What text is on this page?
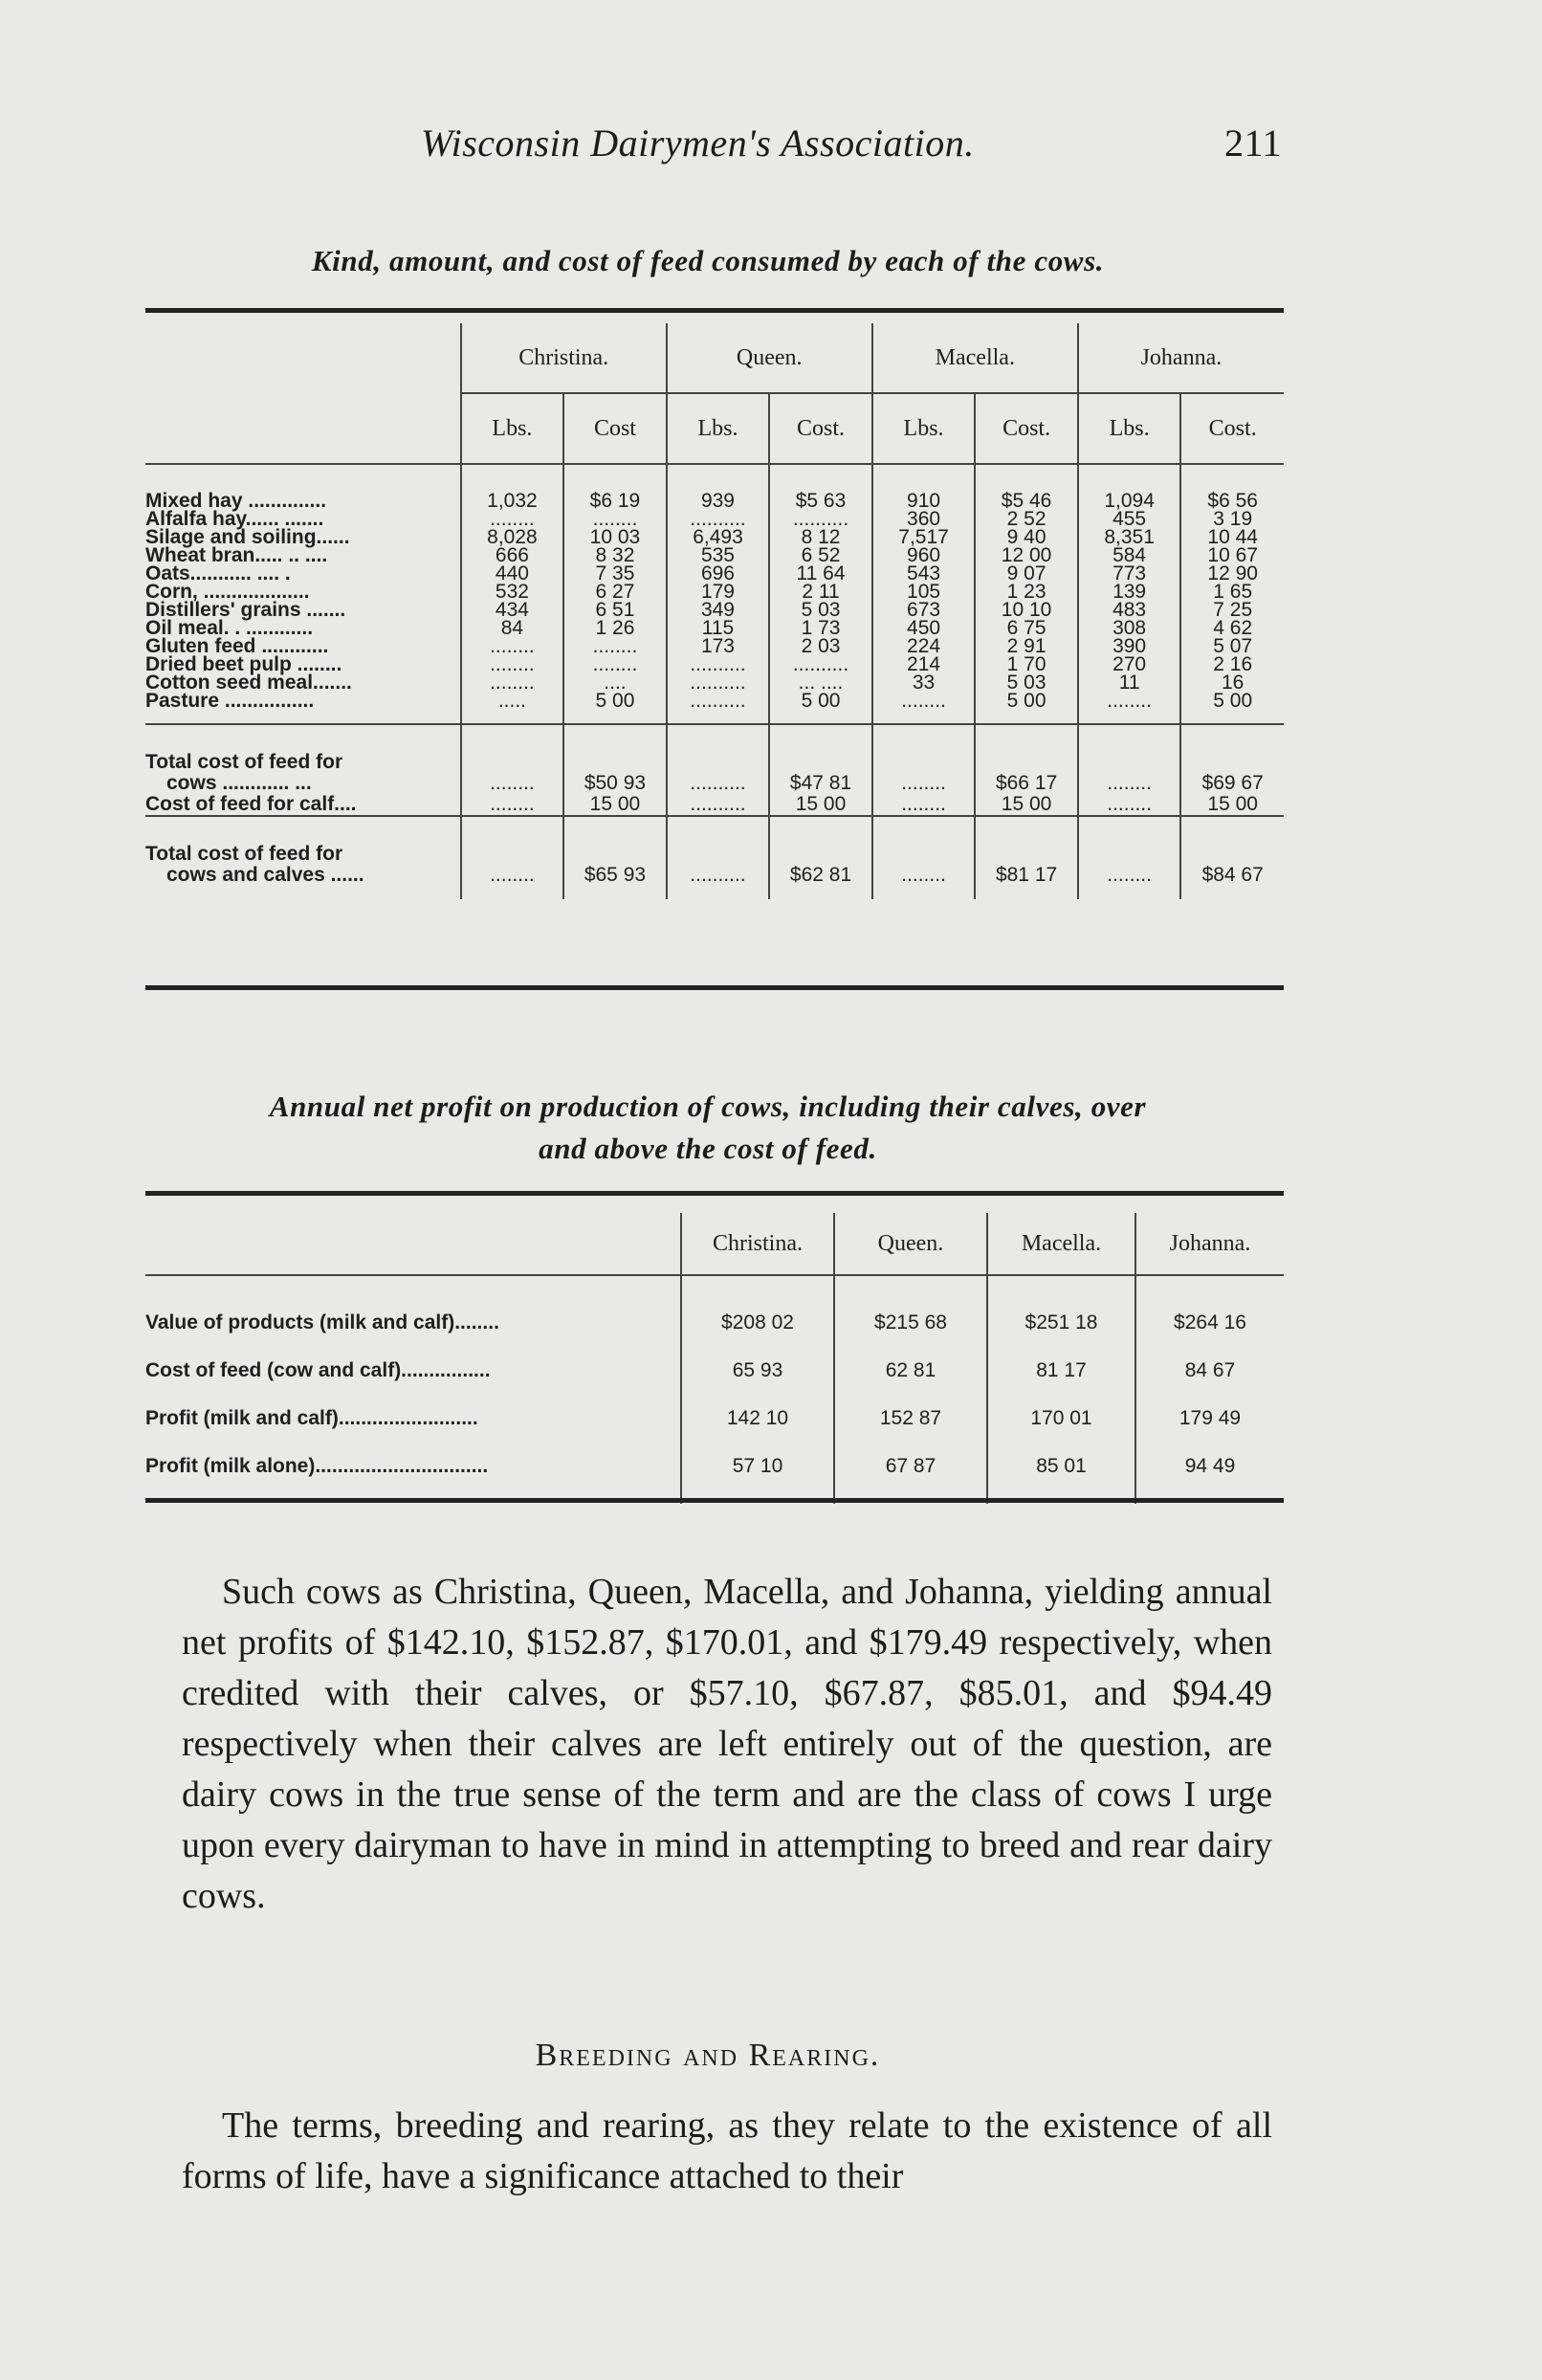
Wisconsin Dairymen's Association.	211
Kind, amount, and cost of feed consumed by each of the cows.
	Christina.		Queen.		Macella.		Johanna.	
	Lbs.	Cost	Lbs.	Cost.	Lbs.	Cost.	Lbs.	Cost.
Mixed hay ..............	1,032	$6 19	939	$5 63	910	$5 46	1,094	$6 56
Alfalfa hay...... .......	........	........	..........	..........	360	2 52	455	3 19
Silage and soiling......	8,028	10 03	6,493	8 12	7,517	9 40	8,351	10 44
Wheat bran..... .. ....	666	8 32	535	6 52	960	12 00	584	10 67
Oats........... .... .	440	7 35	696	11 64	543	9 07	773	12 90
Corn, ...................	532	6 27	179	2 11	105	1 23	139	1 65
Distillers' grains .......	434	6 51	349	5 03	673	10 10	483	7 25
Oil meal. . ............	84	1 26	115	1 73	450	6 75	308	4 62
Gluten feed ............	........	........	173	2 03	224	2 91	390	5 07
Dried beet pulp ........	........	........	..........	..........	214	1 70	270	2 16
Cotton seed meal.......	........	....	..........	... ....	33	5 03	11	16
Pasture ................	.....	5 00	..........	5 00	........	5 00	........	5 00

Total cost of feed for
cows ............ ...	........	$50 93	..........	$47 81	........	$66 17	........	$69 67

Cost of feed for calf....	........	15 00	..........	15 00	........	15 00	........	15 00

Total cost of feed for
cows and calves ......	........	$65 93	..........	$62 81	........	$81 17	........	$84 67
Annual net profit on production of cows, including their calves, over
and above the cost of feed.
	Christina.	Queen.	Macella.	Johanna.
Value of products (milk and calf)........	$208 02	$215 68	$251 18	$264 16
Cost of feed (cow and calf)................	65 93	62 81	81 17	84 67
Profit (milk and calf).........................	142 10	152 87	170 01	179 49
Profit (milk alone)...............................	57 10	67 87	85 01	94 49

Such cows as Christina, Queen, Macella, and Johanna, yielding annual net profits of $142.10, $152.87, $170.01, and $179.49 respectively, when credited with their calves, or $57.10, $67.87, $85.01, and $94.49 respectively when their calves are left entirely out of the question, are dairy cows in the true sense of the term and are the class of cows I urge upon every dairyman to have in mind in attempting to breed and rear dairy cows.

Breeding and Rearing.

The terms, breeding and rearing, as they relate to the existence of all forms of life, have a significance attached to their
